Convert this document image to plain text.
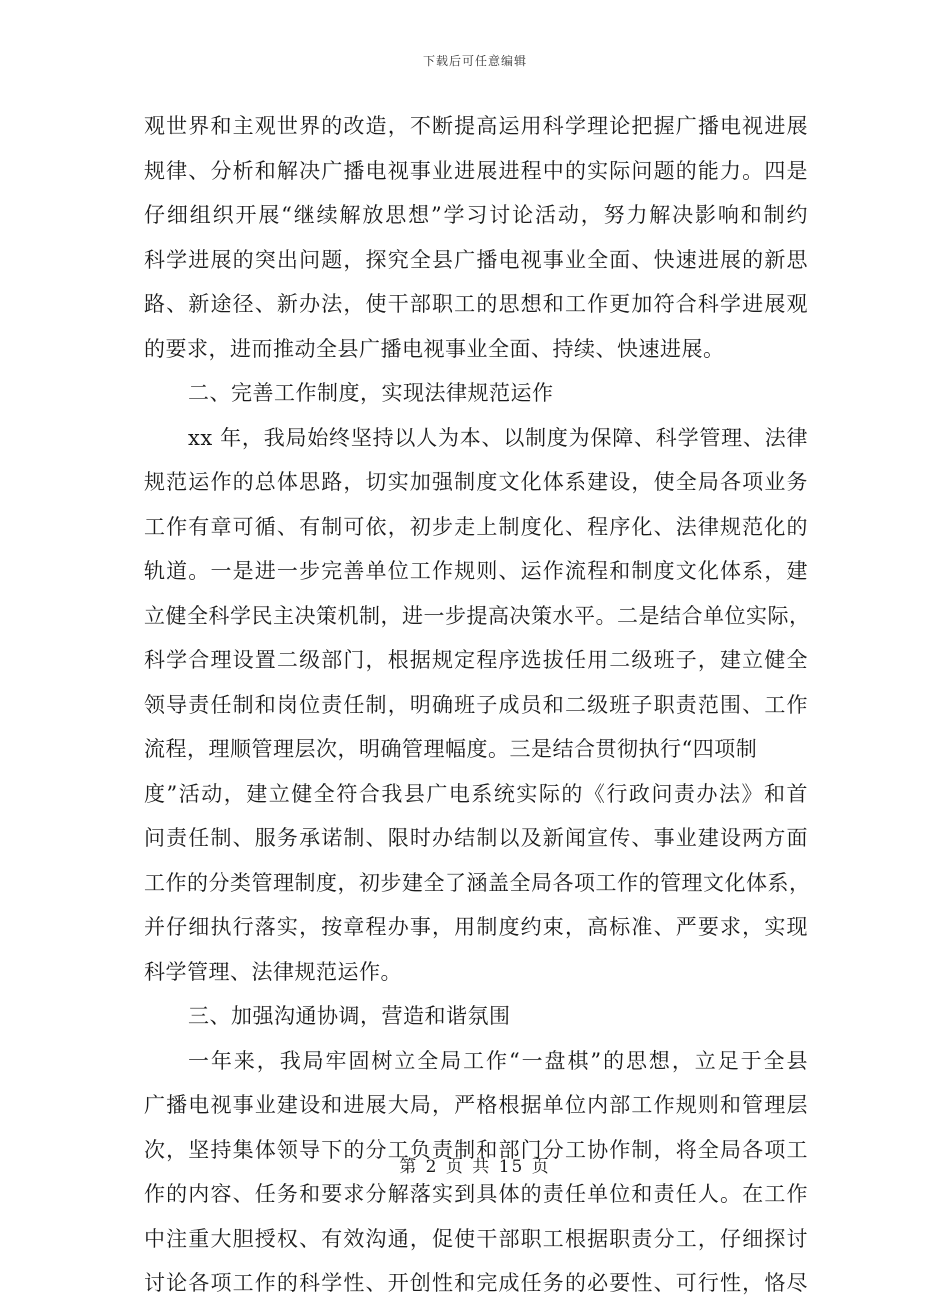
下载后可任意编辑
观世界和主观世界的改造，不断提高运用科学理论把握广播电视进展
规律、分析和解决广播电视事业进展进程中的实际问题的能力。四是
仔细组织开展“继续解放思想”学习讨论活动，努力解决影响和制约
科学进展的突出问题，探究全县广播电视事业全面、快速进展的新思
路、新途径、新办法，使干部职工的思想和工作更加符合科学进展观
的要求，进而推动全县广播电视事业全面、持续、快速进展。
二、完善工作制度，实现法律规范运作
xx 年，我局始终坚持以人为本、以制度为保障、科学管理、法律
规范运作的总体思路，切实加强制度文化体系建设，使全局各项业务
工作有章可循、有制可依，初步走上制度化、程序化、法律规范化的
轨道。一是进一步完善单位工作规则、运作流程和制度文化体系，建
立健全科学民主决策机制，进一步提高决策水平。二是结合单位实际，
科学合理设置二级部门，根据规定程序选拔任用二级班子，建立健全
领导责任制和岗位责任制，明确班子成员和二级班子职责范围、工作
流程，理顺管理层次，明确管理幅度。三是结合贯彻执行“四项制
度”活动，建立健全符合我县广电系统实际的《行政问责办法》和首
问责任制、服务承诺制、限时办结制以及新闻宣传、事业建设两方面
工作的分类管理制度，初步建全了涵盖全局各项工作的管理文化体系，
并仔细执行落实，按章程办事，用制度约束，高标准、严要求，实现
科学管理、法律规范运作。
三、加强沟通协调，营造和谐氛围
一年来，我局牢固树立全局工作“一盘棋”的思想，立足于全县
广播电视事业建设和进展大局，严格根据单位内部工作规则和管理层
次，坚持集体领导下的分工负责制和部门分工协作制，将全局各项工
作的内容、任务和要求分解落实到具体的责任单位和责任人。在工作
中注重大胆授权、有效沟通，促使干部职工根据职责分工，仔细探讨
讨论各项工作的科学性、开创性和完成任务的必要性、可行性，恪尽
第 2 页 共 15 页
